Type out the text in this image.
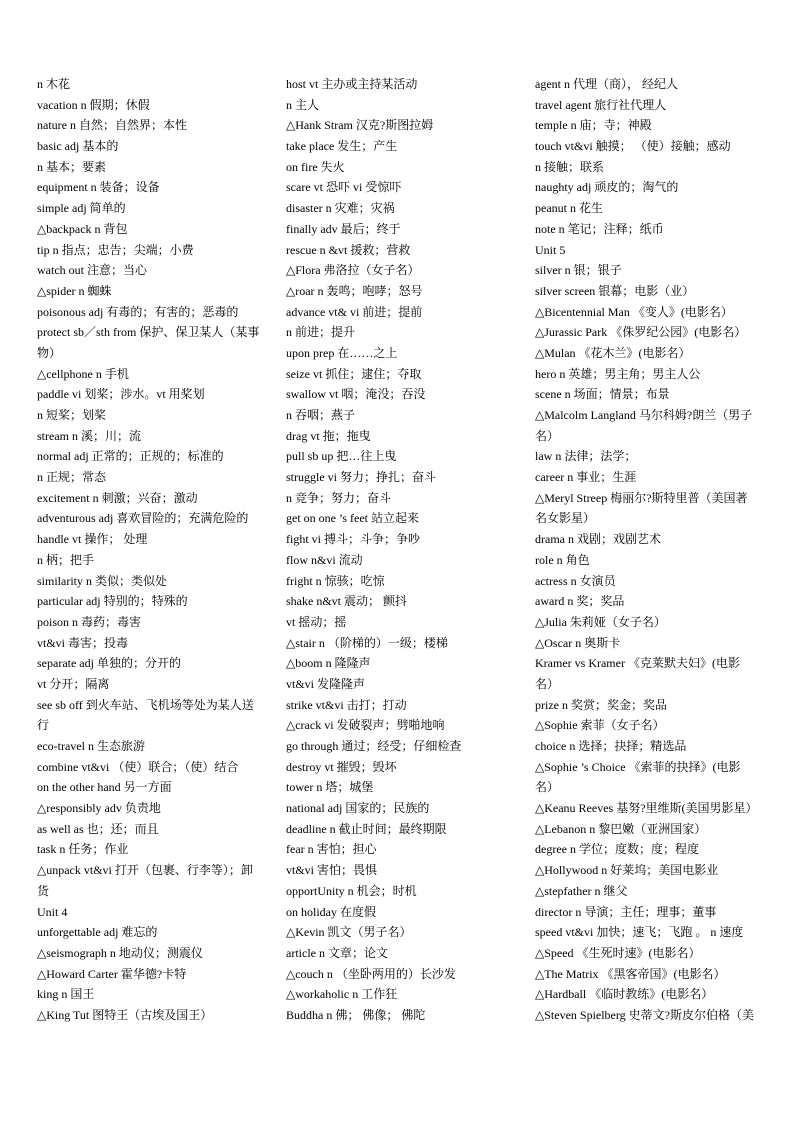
n 木花
vacation n 假期；休假
nature n 自然；自然界；本性
basic adj 基本的
n 基本；要素
equipment n 装备；设备
simple adj 简单的
△backpack n 背包
tip n 指点；忠告；尖端；小费
watch out 注意；当心
△spider n 蜘蛛
poisonous adj 有毒的；有害的；恶毒的
protect sb／sth from 保护、保卫某人（某事
物）
△cellphone n 手机
paddle vi 划桨；涉水。vt 用桨划
n 短桨；划桨
stream n 溪；川；流
normal adj 正常的；正规的；标准的
n 正规；常态
excitement n 刺激；兴奋；激动
adventurous adj 喜欢冒险的；充满危险的
handle vt 操作； 处理
n 柄；把手
similarity n 类似；类似处
particular adj 特别的；特殊的
poison n 毒药；毒害
vt&vi 毒害；投毒
separate adj 单独的；分开的
vt 分开；隔离
see sb off 到火车站、飞机场等处为某人送
行
eco-travel n 生态旅游
combine vt&vi （使）联合；（使）结合
on the other hand 另一方面
△responsibly adv 负责地
as well as 也；还；而且
task n 任务；作业
△unpack vt&vi 打开（包裹、行李等）；卸
货
Unit 4
unforgettable adj 难忘的
△seismograph n 地动仪；测震仪
△Howard Carter 霍华德?卡特
king n 国王
△King Tut 图特王（古埃及国王）
host vt 主办或主持某活动
n 主人
△Hank Stram 汉克?斯图拉姆
take place 发生；产生
on fire 失火
scare vt 恐吓 vi 受惊吓
disaster n 灾难；灾祸
finally adv 最后；终于
rescue n &vt 援救；营救
△Flora 弗洛拉（女子名）
△roar n 轰鸣；咆哮；怒号
advance vt& vi 前进；提前
n 前进；提升
upon prep 在……之上
seize vt 抓住；逮住；夺取
swallow vt 咽；淹没；吞没
n 吞咽；燕子
drag vt 拖；拖曳
pull sb up 把…往上曳
struggle vi 努力；挣扎；奋斗
n 竞争；努力；奋斗
get on one ’s feet 站立起来
fight vi 搏斗；斗争；争吵
flow n&vi 流动
fright n 惊骇；吃惊
shake n&vt 震动； 颤抖
vt 摇动；摇
△stair n （阶梯的）一级；楼梯
△boom n 隆隆声
vt&vi 发隆隆声
strike vt&vi 击打；打动
△crack vi 发破裂声；劈啪地响
go through 通过；经受；仔细检查
destroy vt 摧毁；毁坏
tower n 塔；城堡
national adj 国家的；民族的
deadline n 截止时间；最终期限
fear n 害怕；担心
vt&vi 害怕；畏惧
opportUnity n 机会；时机
on holiday 在度假
△Kevin 凯文（男子名）
article n 文章；论文
△couch n （坐卧两用的）长沙发
△workaholic n 工作狂
Buddha n 佛； 佛像； 佛陀
agent n 代理（商）， 经纪人
travel agent 旅行社代理人
temple n 庙；寺；神殿
touch vt&vi 触摸； （使）接触；感动
n 接触；联系
naughty adj 顽皮的；淘气的
peanut n 花生
note n 笔记；注释；纸币
Unit 5
silver n 银；银子
silver screen 银幕；电影（业）
△Bicentennial Man 《变人》(电影名）
△Jurassic Park 《侏罗纪公园》(电影名）
△Mulan 《花木兰》(电影名）
hero n 英雄；男主角；男主人公
scene n 场面；情景；布景
△Malcolm Langland 马尔科姆?朗兰（男子
名）
law n 法律；法学；
career n 事业；生涯
△Meryl Streep 梅丽尔?斯特里普（美国著
名女影星）
drama n 戏剧；戏剧艺术
role n 角色
actress n 女演员
award n 奖；奖品
△Julia 朱莉娅（女子名）
△Oscar n 奥斯卡
Kramer vs Kramer 《克莱默夫妇》(电影
名）
prize n 奖赏；奖金；奖品
△Sophie 索菲（女子名）
choice n 选择；抉择；精选品
△Sophie ’s Choice 《索菲的抉择》(电影
名）
△Keanu Reeves 基努?里维斯(美国男影星）
△Lebanon n 黎巴嫩（亚洲国家）
degree n 学位；度数；度；程度
△Hollywood n 好莱坞；美国电影业
△stepfather n 继父
director n 导演；主任；理事；董事
speed vt&vi 加快；速飞；飞跑 。 n 速度
△Speed 《生死时速》(电影名）
△The Matrix 《黑客帝国》(电影名）
△Hardball 《临时教练》(电影名）
△Steven Spielberg 史蒂文?斯皮尔伯格（美
